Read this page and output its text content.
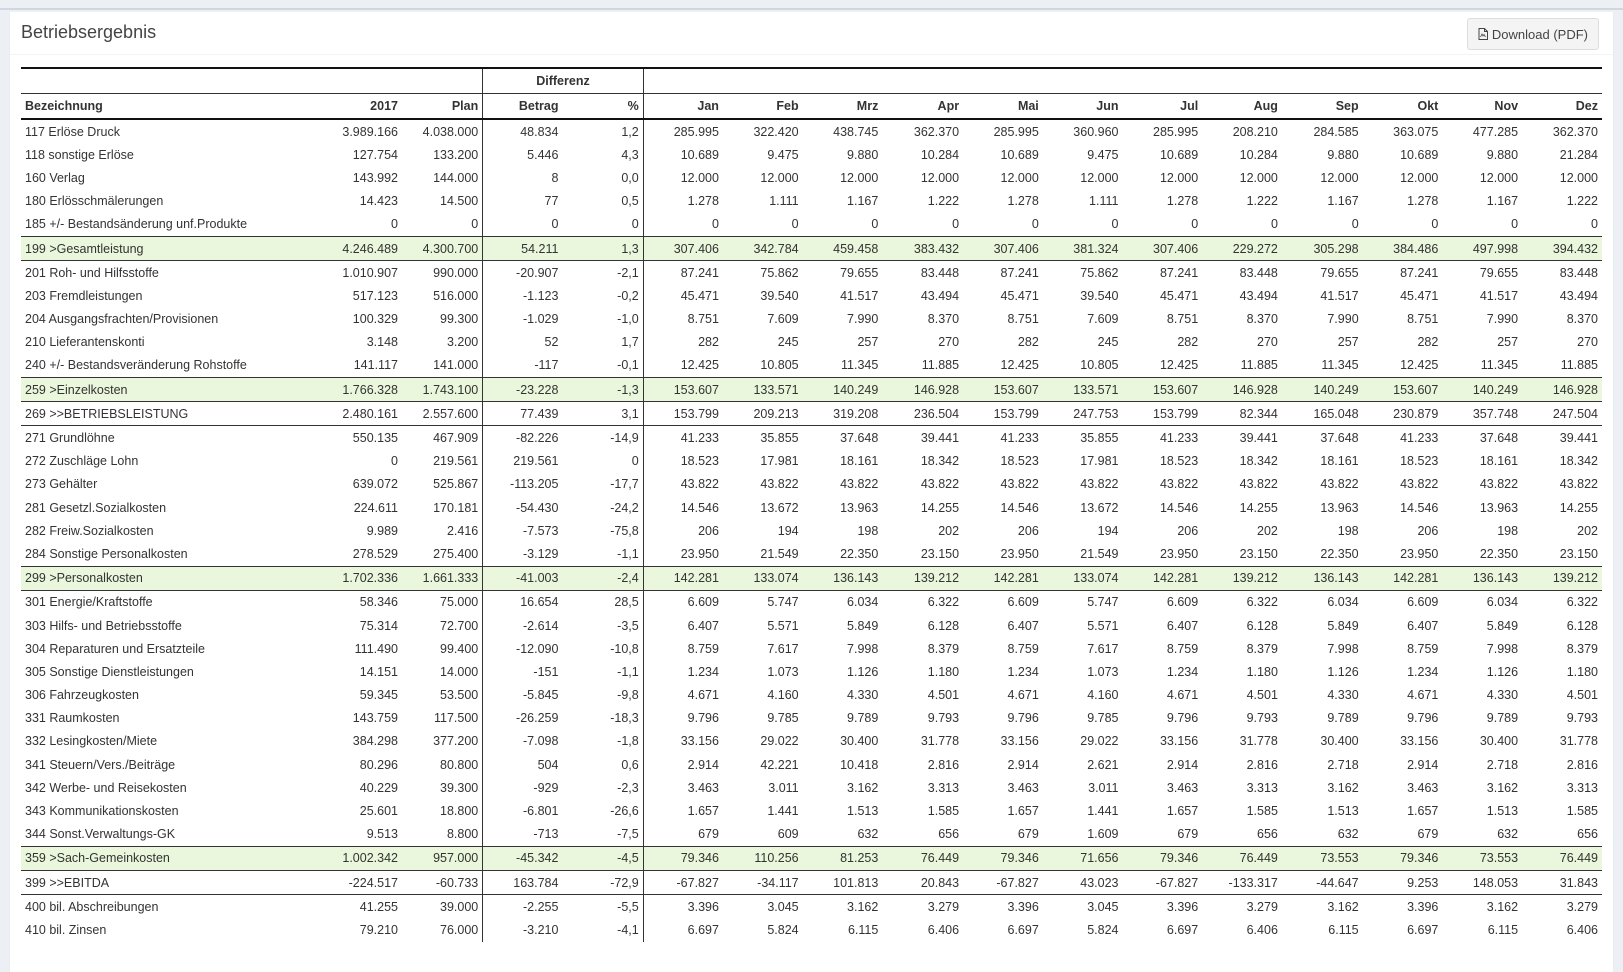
Betriebsergebnis	Download (PDF)
			Differenz													
Bezeichnung	2017	Plan	Betrag	%	Jan	Feb	Mrz	Apr	Mai	Jun	Jul	Aug	Sep	Okt	Nov	Dez
117 Erlöse Druck	3.989.166	4.038.000	48.834	1,2	285.995	322.420	438.745	362.370	285.995	360.960	285.995	208.210	284.585	363.075	477.285	362.370
118 sonstige Erlöse	127.754	133.200	5.446	4,3	10.689	9.475	9.880	10.284	10.689	9.475	10.689	10.284	9.880	10.689	9.880	21.284
160 Verlag	143.992	144.000	8	0,0	12.000	12.000	12.000	12.000	12.000	12.000	12.000	12.000	12.000	12.000	12.000	12.000
180 Erlösschmälerungen	14.423	14.500	77	0,5	1.278	1.111	1.167	1.222	1.278	1.111	1.278	1.222	1.167	1.278	1.167	1.222
185 +/- Bestandsänderung unf.Produkte	0	0	0	0	0	0	0	0	0	0	0	0	0	0	0	0
199 >Gesamtleistung	4.246.489	4.300.700	54.211	1,3	307.406	342.784	459.458	383.432	307.406	381.324	307.406	229.272	305.298	384.486	497.998	394.432
201 Roh- und Hilfsstoffe	1.010.907	990.000	-20.907	-2,1	87.241	75.862	79.655	83.448	87.241	75.862	87.241	83.448	79.655	87.241	79.655	83.448
203 Fremdleistungen	517.123	516.000	-1.123	-0,2	45.471	39.540	41.517	43.494	45.471	39.540	45.471	43.494	41.517	45.471	41.517	43.494
204 Ausgangsfrachten/Provisionen	100.329	99.300	-1.029	-1,0	8.751	7.609	7.990	8.370	8.751	7.609	8.751	8.370	7.990	8.751	7.990	8.370
210 Lieferantenskonti	3.148	3.200	52	1,7	282	245	257	270	282	245	282	270	257	282	257	270
240 +/- Bestandsveränderung Rohstoffe	141.117	141.000	-117	-0,1	12.425	10.805	11.345	11.885	12.425	10.805	12.425	11.885	11.345	12.425	11.345	11.885
259 >Einzelkosten	1.766.328	1.743.100	-23.228	-1,3	153.607	133.571	140.249	146.928	153.607	133.571	153.607	146.928	140.249	153.607	140.249	146.928
269 >>BETRIEBSLEISTUNG	2.480.161	2.557.600	77.439	3,1	153.799	209.213	319.208	236.504	153.799	247.753	153.799	82.344	165.048	230.879	357.748	247.504
271 Grundlöhne	550.135	467.909	-82.226	-14,9	41.233	35.855	37.648	39.441	41.233	35.855	41.233	39.441	37.648	41.233	37.648	39.441
272 Zuschläge Lohn	0	219.561	219.561	0	18.523	17.981	18.161	18.342	18.523	17.981	18.523	18.342	18.161	18.523	18.161	18.342
273 Gehälter	639.072	525.867	-113.205	-17,7	43.822	43.822	43.822	43.822	43.822	43.822	43.822	43.822	43.822	43.822	43.822	43.822
281 Gesetzl.Sozialkosten	224.611	170.181	-54.430	-24,2	14.546	13.672	13.963	14.255	14.546	13.672	14.546	14.255	13.963	14.546	13.963	14.255
282 Freiw.Sozialkosten	9.989	2.416	-7.573	-75,8	206	194	198	202	206	194	206	202	198	206	198	202
284 Sonstige Personalkosten	278.529	275.400	-3.129	-1,1	23.950	21.549	22.350	23.150	23.950	21.549	23.950	23.150	22.350	23.950	22.350	23.150
299 >Personalkosten	1.702.336	1.661.333	-41.003	-2,4	142.281	133.074	136.143	139.212	142.281	133.074	142.281	139.212	136.143	142.281	136.143	139.212
301 Energie/Kraftstoffe	58.346	75.000	16.654	28,5	6.609	5.747	6.034	6.322	6.609	5.747	6.609	6.322	6.034	6.609	6.034	6.322
303 Hilfs- und Betriebsstoffe	75.314	72.700	-2.614	-3,5	6.407	5.571	5.849	6.128	6.407	5.571	6.407	6.128	5.849	6.407	5.849	6.128
304 Reparaturen und Ersatzteile	111.490	99.400	-12.090	-10,8	8.759	7.617	7.998	8.379	8.759	7.617	8.759	8.379	7.998	8.759	7.998	8.379
305 Sonstige Dienstleistungen	14.151	14.000	-151	-1,1	1.234	1.073	1.126	1.180	1.234	1.073	1.234	1.180	1.126	1.234	1.126	1.180
306 Fahrzeugkosten	59.345	53.500	-5.845	-9,8	4.671	4.160	4.330	4.501	4.671	4.160	4.671	4.501	4.330	4.671	4.330	4.501
331 Raumkosten	143.759	117.500	-26.259	-18,3	9.796	9.785	9.789	9.793	9.796	9.785	9.796	9.793	9.789	9.796	9.789	9.793
332 Lesingkosten/Miete	384.298	377.200	-7.098	-1,8	33.156	29.022	30.400	31.778	33.156	29.022	33.156	31.778	30.400	33.156	30.400	31.778
341 Steuern/Vers./Beiträge	80.296	80.800	504	0,6	2.914	42.221	10.418	2.816	2.914	2.621	2.914	2.816	2.718	2.914	2.718	2.816
342 Werbe- und Reisekosten	40.229	39.300	-929	-2,3	3.463	3.011	3.162	3.313	3.463	3.011	3.463	3.313	3.162	3.463	3.162	3.313
343 Kommunikationskosten	25.601	18.800	-6.801	-26,6	1.657	1.441	1.513	1.585	1.657	1.441	1.657	1.585	1.513	1.657	1.513	1.585
344 Sonst.Verwaltungs-GK	9.513	8.800	-713	-7,5	679	609	632	656	679	1.609	679	656	632	679	632	656
359 >Sach-Gemeinkosten	1.002.342	957.000	-45.342	-4,5	79.346	110.256	81.253	76.449	79.346	71.656	79.346	76.449	73.553	79.346	73.553	76.449
399 >>EBITDA	-224.517	-60.733	163.784	-72,9	-67.827	-34.117	101.813	20.843	-67.827	43.023	-67.827	-133.317	-44.647	9.253	148.053	31.843
400 bil. Abschreibungen	41.255	39.000	-2.255	-5,5	3.396	3.045	3.162	3.279	3.396	3.045	3.396	3.279	3.162	3.396	3.162	3.279
410 bil. Zinsen	79.210	76.000	-3.210	-4,1	6.697	5.824	6.115	6.406	6.697	5.824	6.697	6.406	6.115	6.697	6.115	6.406
